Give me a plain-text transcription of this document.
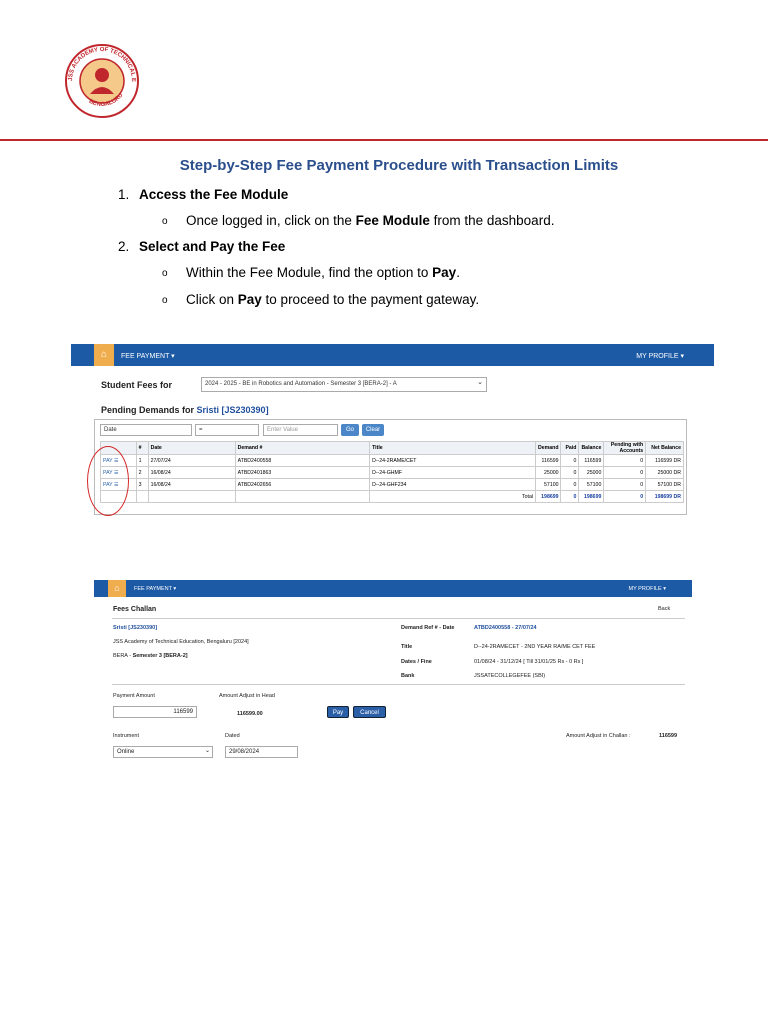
JSS ACADEMY OF TECHNICAL E
BENGALURU
Step-by-Step Fee Payment Procedure with Transaction Limits
1. Access the Fee Module
o Once logged in, click on the Fee Module from the dashboard.
2. Select and Pay the Fee
o Within the Fee Module, find the option to Pay.
o Click on Pay to proceed to the payment gateway.
⌂	FEE PAYMENT ▾	MY PROFILE ▾
Student Fees for	2024 - 2025 - BE in Robotics and Automation - Semester 3 [BERA-2] - A ⌄
Pending Demands for Sristi [JS230390]
Date	=	Enter Value	Go	Clear
	#	Date	Demand #	Title	Demand	Paid	Balance	Pending with Accounts	Net Balance
PAY ☰	1	27/07/24	ATBD2400558	D--24-2RAME/CET	116599	0	116599	0	116599 DR
PAY ☰	2	16/08/24	ATBD2401863	D--24-GHMF	25000	0	25000	0	25000 DR
PAY ☰	3	16/08/24	ATBD2402656	D--24-GHF234	57100	0	57100	0	57100 DR
				Total	198699	0	198699	0	198699 DR
⌂	FEE PAYMENT ▾	MY PROFILE ▾
Fees Challan	Back
Sristi [JS230390]
JSS Academy of Technical Education, Bengaluru [2024]
BERA - Semester 3 [BERA-2]
Demand Ref # - Date	ATBD2400558 - 27/07/24
Title	D--24-2RAMECET - 2ND YEAR RA/ME CET FEE
Dates / Fine	01/08/24 - 31/12/24 [ Till 31/01/25 Rs - 0 Rs ]
Bank	JSSATECOLLEGEFEE (SBI)
Payment Amount
116599
Amount Adjust in Head
116599.00	Pay	Cancel
Instrument
Online	⌄
Dated
29/08/2024
Amount Adjust in Challan :	116599
